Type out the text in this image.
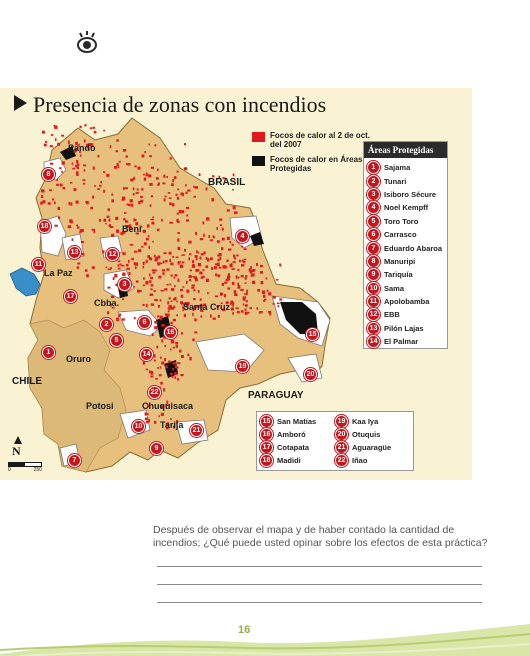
Presencia de zonas con incendios
Focos de calor al 2 de oct. del 2007
Focos de calor en Áreas Protegidas
BRASIL
CHILE
PARAGUAY
Pando
Beni
La Paz
Cbba.	Santa Cruz
Oruro
Potosi	Chuquisaca
Tarija
8
18
13
11
12
4
3
17
2	6
16
5
15
1	14
19
20
22
10
21
9
7
Áreas Protegidas
1	Sajama
2	Tunari
3	Isiboro Sécure
4	Noel Kempff
5	Toro Toro
6	Carrasco
7	Eduardo Abaroa
8	Manuripi
9	Tariquía
10 Sama
11 Apolobamba
12 EBB
13 Pilón Lajas
14 El Palmar
15 San Matías	19 Kaa Iya
16 Amboró	20 Otuquis
17 Cotapata	21 Aguaragüe
18 Madidi	22 Iñao
N
0	250
Después de observar el mapa y de haber contado la cantidad de incendios; ¿Qué puede usted opinar sobre los efectos de esta práctica?
16
